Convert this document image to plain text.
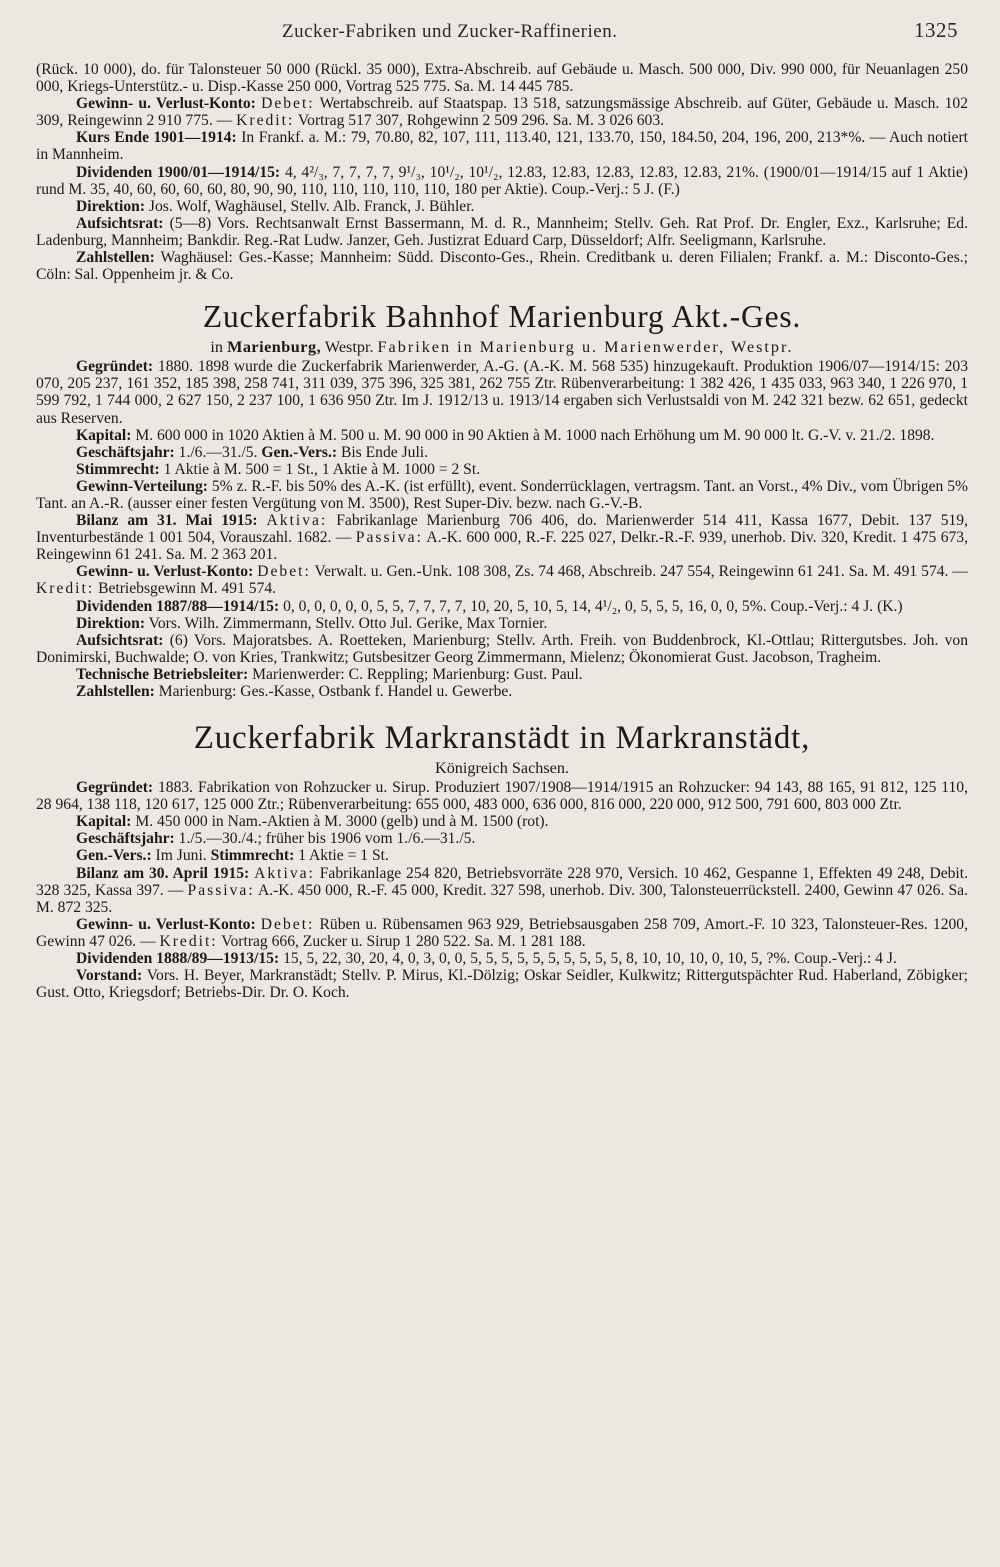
Zucker-Fabriken und Zucker-Raffinerien.	1325

(Rück. 10 000), do. für Talonsteuer 50 000 (Rückl. 35 000), Extra-Abschreib. auf Gebäude u. Masch. 500 000, Div. 990 000, für Neuanlagen 250 000, Kriegs-Unterstütz.- u. Disp.-Kasse 250 000, Vortrag 525 775. Sa. M. 14 445 785.

Gewinn- u. Verlust-Konto: Debet: Wertabschreib. auf Staatspap. 13 518, satzungsmässige Abschreib. auf Güter, Gebäude u. Masch. 102 309, Reingewinn 2 910 775. — Kredit: Vortrag 517 307, Rohgewinn 2 509 296. Sa. M. 3 026 603.

Kurs Ende 1901—1914: In Frankf. a. M.: 79, 70.80, 82, 107, 111, 113.40, 121, 133.70, 150, 184.50, 204, 196, 200, 213*%. — Auch notiert in Mannheim.

Dividenden 1900/01—1914/15: 4, 4²/₃, 7, 7, 7, 7, 9¹/₃, 10¹/₂, 10¹/₂, 12.83, 12.83, 12.83, 12.83, 12.83, 21%. (1900/01—1914/15 auf 1 Aktie) rund M. 35, 40, 60, 60, 60, 60, 80, 90, 90, 110, 110, 110, 110, 110, 180 per Aktie). Coup.-Verj.: 5 J. (F.)

Direktion: Jos. Wolf, Waghäusel, Stellv. Alb. Franck, J. Bühler.

Aufsichtsrat: (5—8) Vors. Rechtsanwalt Ernst Bassermann, M. d. R., Mannheim; Stellv. Geh. Rat Prof. Dr. Engler, Exz., Karlsruhe; Ed. Ladenburg, Mannheim; Bankdir. Reg.-Rat Ludw. Janzer, Geh. Justizrat Eduard Carp, Düsseldorf; Alfr. Seeligmann, Karlsruhe.

Zahlstellen: Waghäusel: Ges.-Kasse; Mannheim: Südd. Disconto-Ges., Rhein. Creditbank u. deren Filialen; Frankf. a. M.: Disconto-Ges.; Cöln: Sal. Oppenheim jr. & Co.

Zuckerfabrik Bahnhof Marienburg Akt.-Ges.
in Marienburg, Westpr. Fabriken in Marienburg u. Marienwerder, Westpr.

Gegründet: 1880. 1898 wurde die Zuckerfabrik Marienwerder, A.-G. (A.-K. M. 568 535) hinzugekauft. Produktion 1906/07—1914/15: 203 070, 205 237, 161 352, 185 398, 258 741, 311 039, 375 396, 325 381, 262 755 Ztr. Rübenverarbeitung: 1 382 426, 1 435 033, 963 340, 1 226 970, 1 599 792, 1 744 000, 2 627 150, 2 237 100, 1 636 950 Ztr. Im J. 1912/13 u. 1913/14 ergaben sich Verlustsaldi von M. 242 321 bezw. 62 651, gedeckt aus Reserven.

Kapital: M. 600 000 in 1020 Aktien à M. 500 u. M. 90 000 in 90 Aktien à M. 1000 nach Erhöhung um M. 90 000 lt. G.-V. v. 21./2. 1898.

Geschäftsjahr: 1./6.—31./5. Gen.-Vers.: Bis Ende Juli.

Stimmrecht: 1 Aktie à M. 500 = 1 St., 1 Aktie à M. 1000 = 2 St.

Gewinn-Verteilung: 5% z. R.-F. bis 50% des A.-K. (ist erfüllt), event. Sonderrücklagen, vertragsm. Tant. an Vorst., 4% Div., vom Übrigen 5% Tant. an A.-R. (ausser einer festen Vergütung von M. 3500), Rest Super-Div. bezw. nach G.-V.-B.

Bilanz am 31. Mai 1915: Aktiva: Fabrikanlage Marienburg 706 406, do. Marienwerder 514 411, Kassa 1677, Debit. 137 519, Inventurbestände 1 001 504, Vorauszahl. 1682. — Passiva: A.-K. 600 000, R.-F. 225 027, Delkr.-R.-F. 939, unerhob. Div. 320, Kredit. 1 475 673, Reingewinn 61 241. Sa. M. 2 363 201.

Gewinn- u. Verlust-Konto: Debet: Verwalt. u. Gen.-Unk. 108 308, Zs. 74 468, Abschreib. 247 554, Reingewinn 61 241. Sa. M. 491 574. — Kredit: Betriebsgewinn M. 491 574.

Dividenden 1887/88—1914/15: 0, 0, 0, 0, 0, 0, 5, 5, 7, 7, 7, 7, 10, 20, 5, 10, 5, 14, 4¹/₂, 0, 5, 5, 5, 16, 0, 0, 5%. Coup.-Verj.: 4 J. (K.)

Direktion: Vors. Wilh. Zimmermann, Stellv. Otto Jul. Gerike, Max Tornier.

Aufsichtsrat: (6) Vors. Majoratsbes. A. Roetteken, Marienburg; Stellv. Arth. Freih. von Buddenbrock, Kl.-Ottlau; Rittergutsbes. Joh. von Donimirski, Buchwalde; O. von Kries, Trankwitz; Gutsbesitzer Georg Zimmermann, Mielenz; Ökonomierat Gust. Jacobson, Tragheim.

Technische Betriebsleiter: Marienwerder: C. Reppling; Marienburg: Gust. Paul.

Zahlstellen: Marienburg: Ges.-Kasse, Ostbank f. Handel u. Gewerbe.

Zuckerfabrik Markranstädt in Markranstädt,
Königreich Sachsen.

Gegründet: 1883. Fabrikation von Rohzucker u. Sirup. Produziert 1907/1908—1914/1915 an Rohzucker: 94 143, 88 165, 91 812, 125 110, 28 964, 138 118, 120 617, 125 000 Ztr.; Rübenverarbeitung: 655 000, 483 000, 636 000, 816 000, 220 000, 912 500, 791 600, 803 000 Ztr.

Kapital: M. 450 000 in Nam.-Aktien à M. 3000 (gelb) und à M. 1500 (rot).

Geschäftsjahr: 1./5.—30./4.; früher bis 1906 vom 1./6.—31./5.

Gen.-Vers.: Im Juni. Stimmrecht: 1 Aktie = 1 St.

Bilanz am 30. April 1915: Aktiva: Fabrikanlage 254 820, Betriebsvorräte 228 970, Versich. 10 462, Gespanne 1, Effekten 49 248, Debit. 328 325, Kassa 397. — Passiva: A.-K. 450 000, R.-F. 45 000, Kredit. 327 598, unerhob. Div. 300, Talonsteuerrückstell. 2400, Gewinn 47 026. Sa. M. 872 325.

Gewinn- u. Verlust-Konto: Debet: Rüben u. Rübensamen 963 929, Betriebsausgaben 258 709, Amort.-F. 10 323, Talonsteuer-Res. 1200, Gewinn 47 026. — Kredit: Vortrag 666, Zucker u. Sirup 1 280 522. Sa. M. 1 281 188.

Dividenden 1888/89—1913/15: 15, 5, 22, 30, 20, 4, 0, 3, 0, 0, 5, 5, 5, 5, 5, 5, 5, 5, 5, 5, 8, 10, 10, 10, 0, 10, 5, ?%. Coup.-Verj.: 4 J.

Vorstand: Vors. H. Beyer, Markranstädt; Stellv. P. Mirus, Kl.-Dölzig; Oskar Seidler, Kulkwitz; Rittergutspächter Rud. Haberland, Zöbigker; Gust. Otto, Kriegsdorf; Betriebs-Dir. Dr. O. Koch.
